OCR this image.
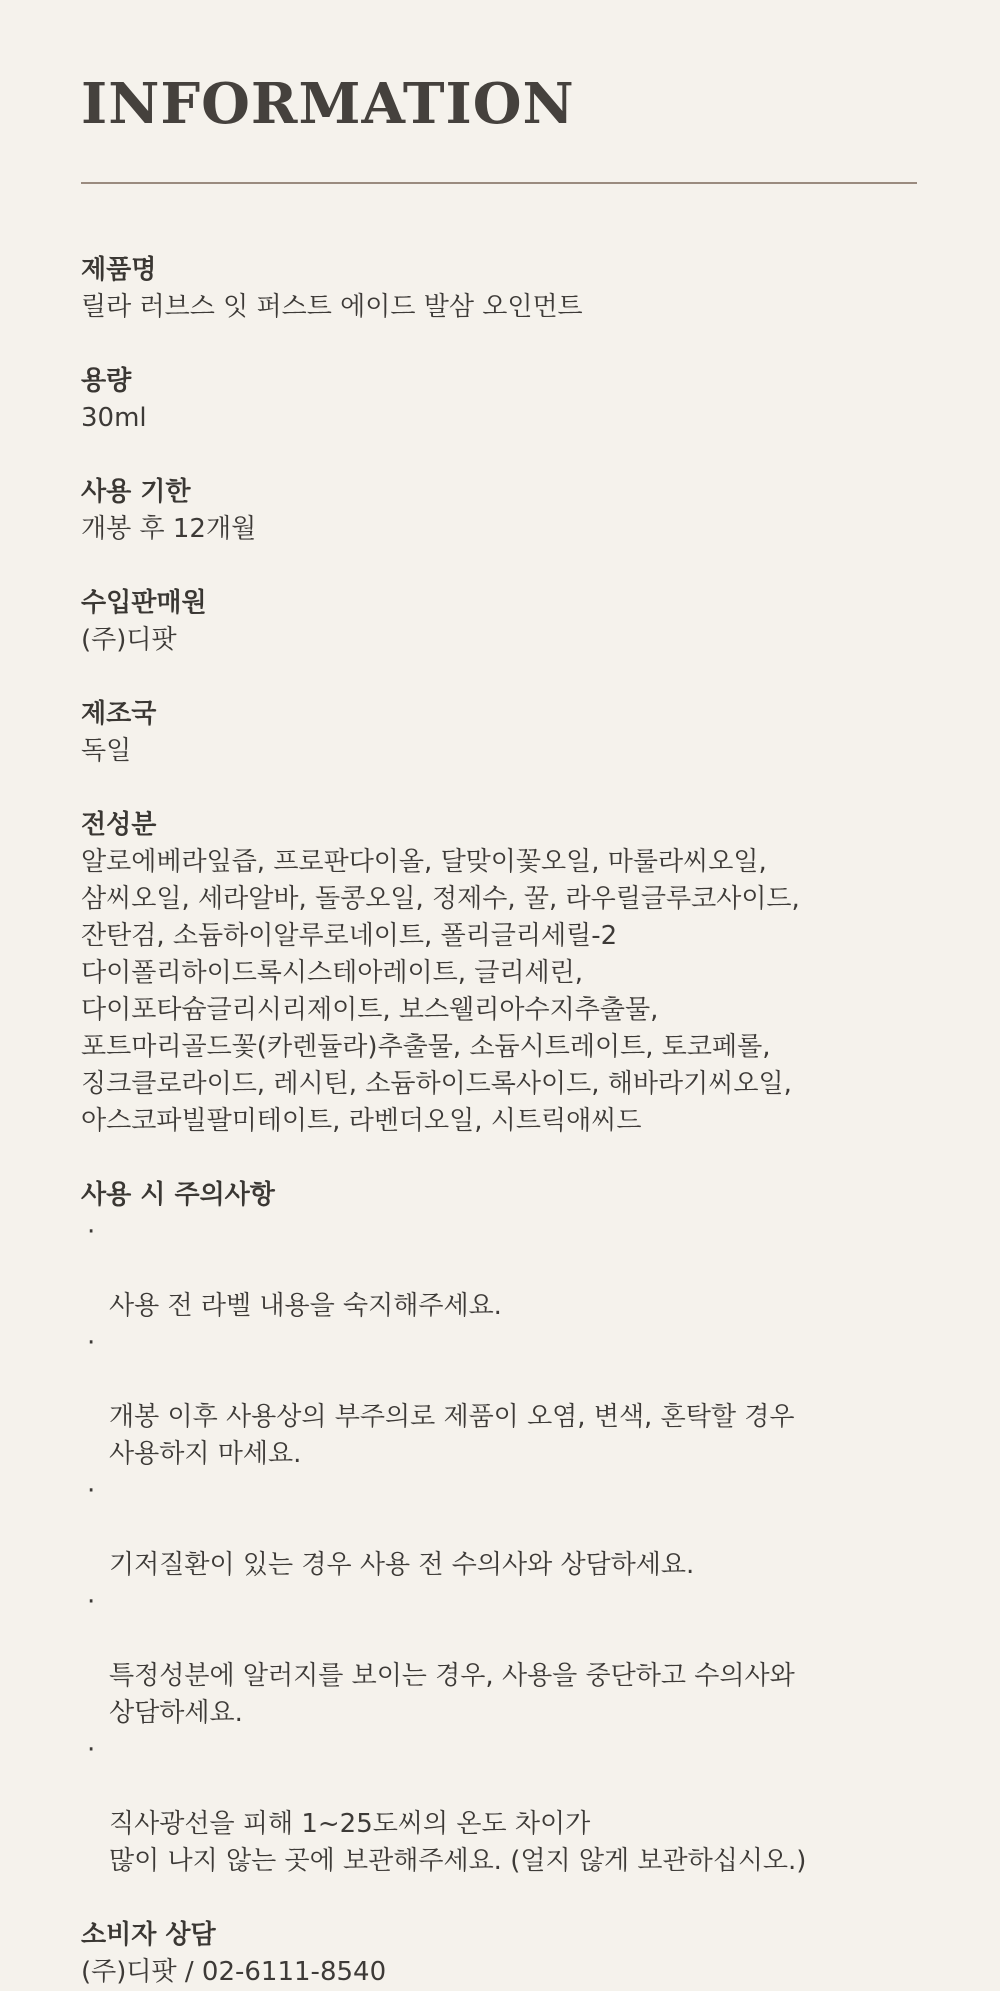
INFORMATION

제품명

릴라 러브스 잇 퍼스트 에이드 발삼 오인먼트

용량

30ml

사용 기한

개봉 후 12개월

수입판매원

(주)디팟

제조국

독일

전성분

알로에베라잎즙, 프로판다이올, 달맞이꽃오일, 마룰라씨오일,
삼씨오일, 세라알바, 돌콩오일, 정제수, 꿀, 라우릴글루코사이드,
잔탄검, 소듐하이알루로네이트, 폴리글리세릴-2
다이폴리하이드록시스테아레이트, 글리세린,
다이포타슘글리시리제이트, 보스웰리아수지추출물,
포트마리골드꽃(카렌듈라)추출물, 소듐시트레이트, 토코페롤,
징크클로라이드, 레시틴, 소듐하이드록사이드, 해바라기씨오일,
아스코파빌팔미테이트, 라벤더오일, 시트릭애씨드

사용 시 주의사항

·

사용 전 라벨 내용을 숙지해주세요.

·

개봉 이후 사용상의 부주의로 제품이 오염, 변색, 혼탁할 경우
사용하지 마세요.

·

기저질환이 있는 경우 사용 전 수의사와 상담하세요.

·

특정성분에 알러지를 보이는 경우, 사용을 중단하고 수의사와
상담하세요.

·

직사광선을 피해 1~25도씨의 온도 차이가
많이 나지 않는 곳에 보관해주세요. (얼지 않게 보관하십시오.)

소비자 상담

(주)디팟 / 02-6111-8540
